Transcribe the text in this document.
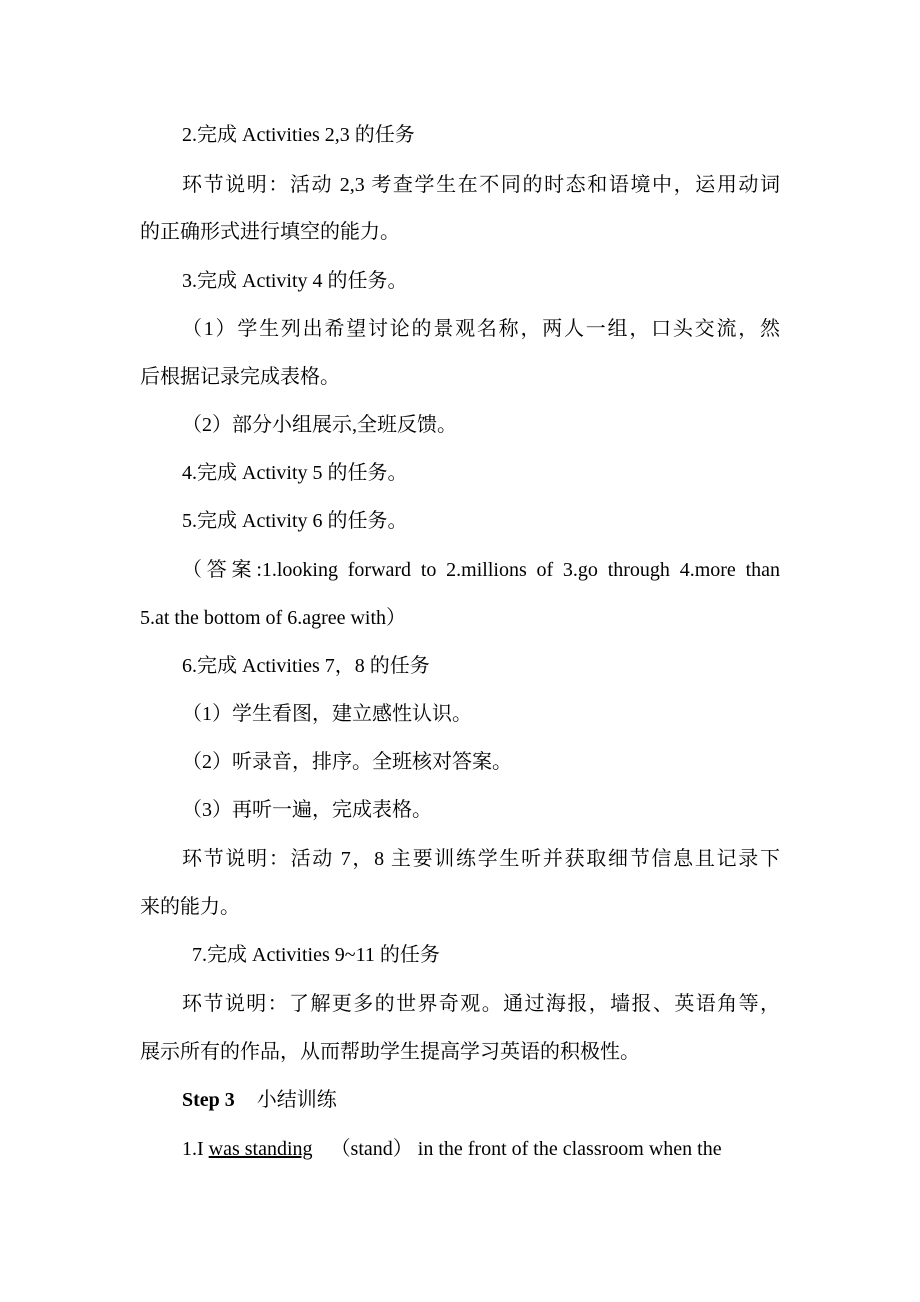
2.完成 Activities 2,3 的任务
环节说明：活动 2,3 考查学生在不同的时态和语境中，运用动词
的正确形式进行填空的能力。
3.完成 Activity 4 的任务。
（1）学生列出希望讨论的景观名称，两人一组，口头交流，然
后根据记录完成表格。
（2）部分小组展示,全班反馈。
4.完成 Activity 5 的任务。
5.完成 Activity 6 的任务。
（答案:1.looking forward to 2.millions of 3.go through 4.more than
5.at the bottom of 6.agree with）
6.完成 Activities 7，8 的任务
（1）学生看图，建立感性认识。
（2）听录音，排序。全班核对答案。
（3）再听一遍，完成表格。
环节说明：活动 7，8 主要训练学生听并获取细节信息且记录下
来的能力。
7.完成 Activities 9~11 的任务
环节说明：了解更多的世界奇观。通过海报，墙报、英语角等，
展示所有的作品，从而帮助学生提高学习英语的积极性。
Step 3 小结训练
1.I was standing （stand） in the front of the classroom when the
